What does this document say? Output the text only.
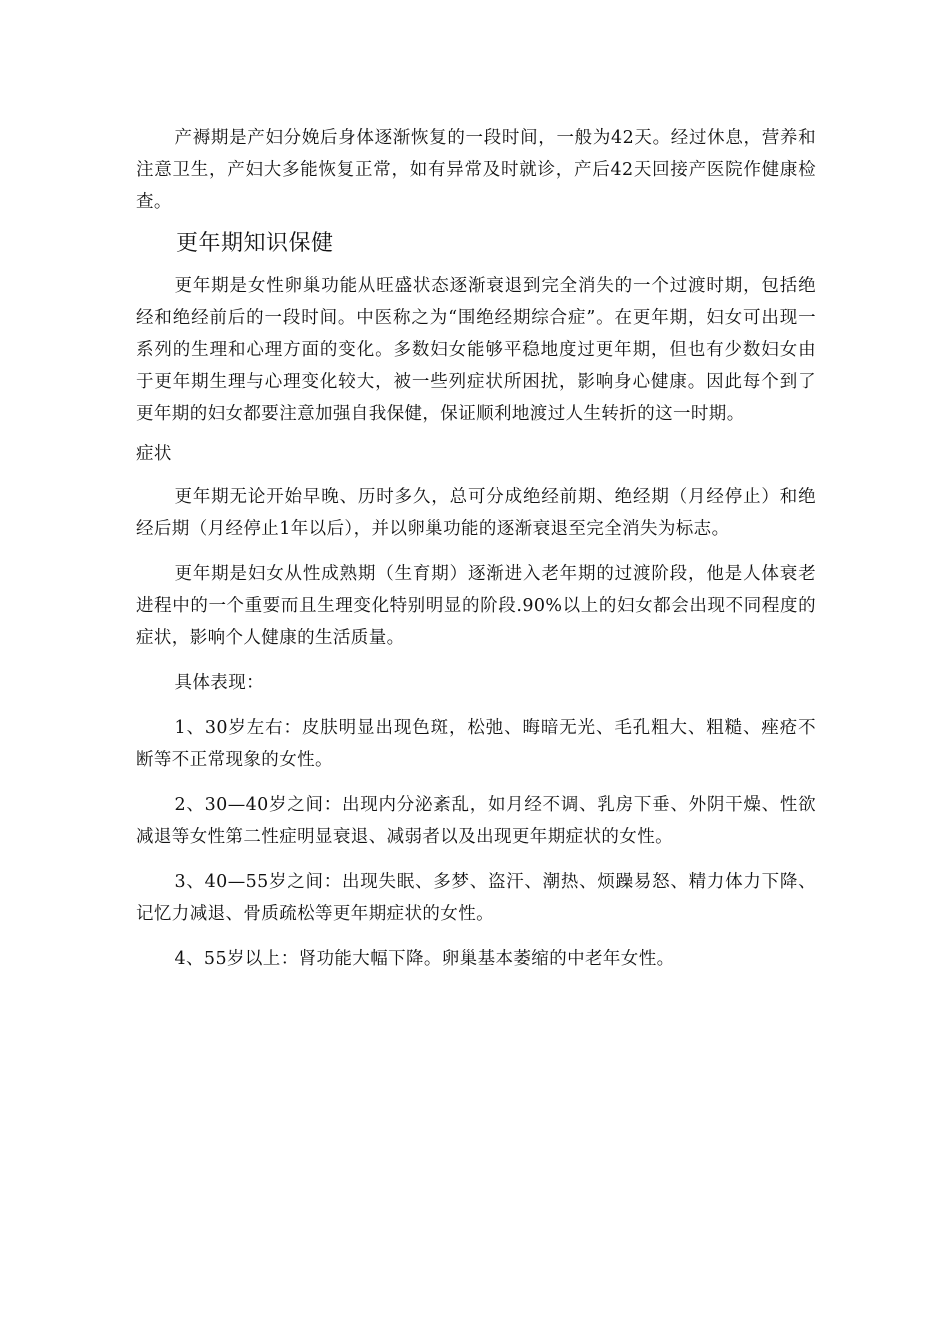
产褥期是产妇分娩后身体逐渐恢复的一段时间，一般为42天。经过休息，营养和注意卫生，产妇大多能恢复正常，如有异常及时就诊，产后42天回接产医院作健康检查。

更年期知识保健

更年期是女性卵巢功能从旺盛状态逐渐衰退到完全消失的一个过渡时期，包括绝经和绝经前后的一段时间。中医称之为“围绝经期综合症”。在更年期，妇女可出现一系列的生理和心理方面的变化。多数妇女能够平稳地度过更年期，但也有少数妇女由于更年期生理与心理变化较大，被一些列症状所困扰，影响身心健康。因此每个到了更年期的妇女都要注意加强自我保健，保证顺利地渡过人生转折的这一时期。

症状

更年期无论开始早晚、历时多久，总可分成绝经前期、绝经期（月经停止）和绝经后期（月经停止1年以后），并以卵巢功能的逐渐衰退至完全消失为标志。

更年期是妇女从性成熟期（生育期）逐渐进入老年期的过渡阶段，他是人体衰老进程中的一个重要而且生理变化特别明显的阶段.90%以上的妇女都会出现不同程度的症状，影响个人健康的生活质量。

具体表现：

1、30岁左右：皮肤明显出现色斑，松弛、晦暗无光、毛孔粗大、粗糙、痤疮不断等不正常现象的女性。

2、30—40岁之间：出现内分泌紊乱，如月经不调、乳房下垂、外阴干燥、性欲减退等女性第二性症明显衰退、减弱者以及出现更年期症状的女性。

3、40—55岁之间：出现失眠、多梦、盗汗、潮热、烦躁易怒、精力体力下降、记忆力减退、骨质疏松等更年期症状的女性。

4、55岁以上：肾功能大幅下降。卵巢基本萎缩的中老年女性。
